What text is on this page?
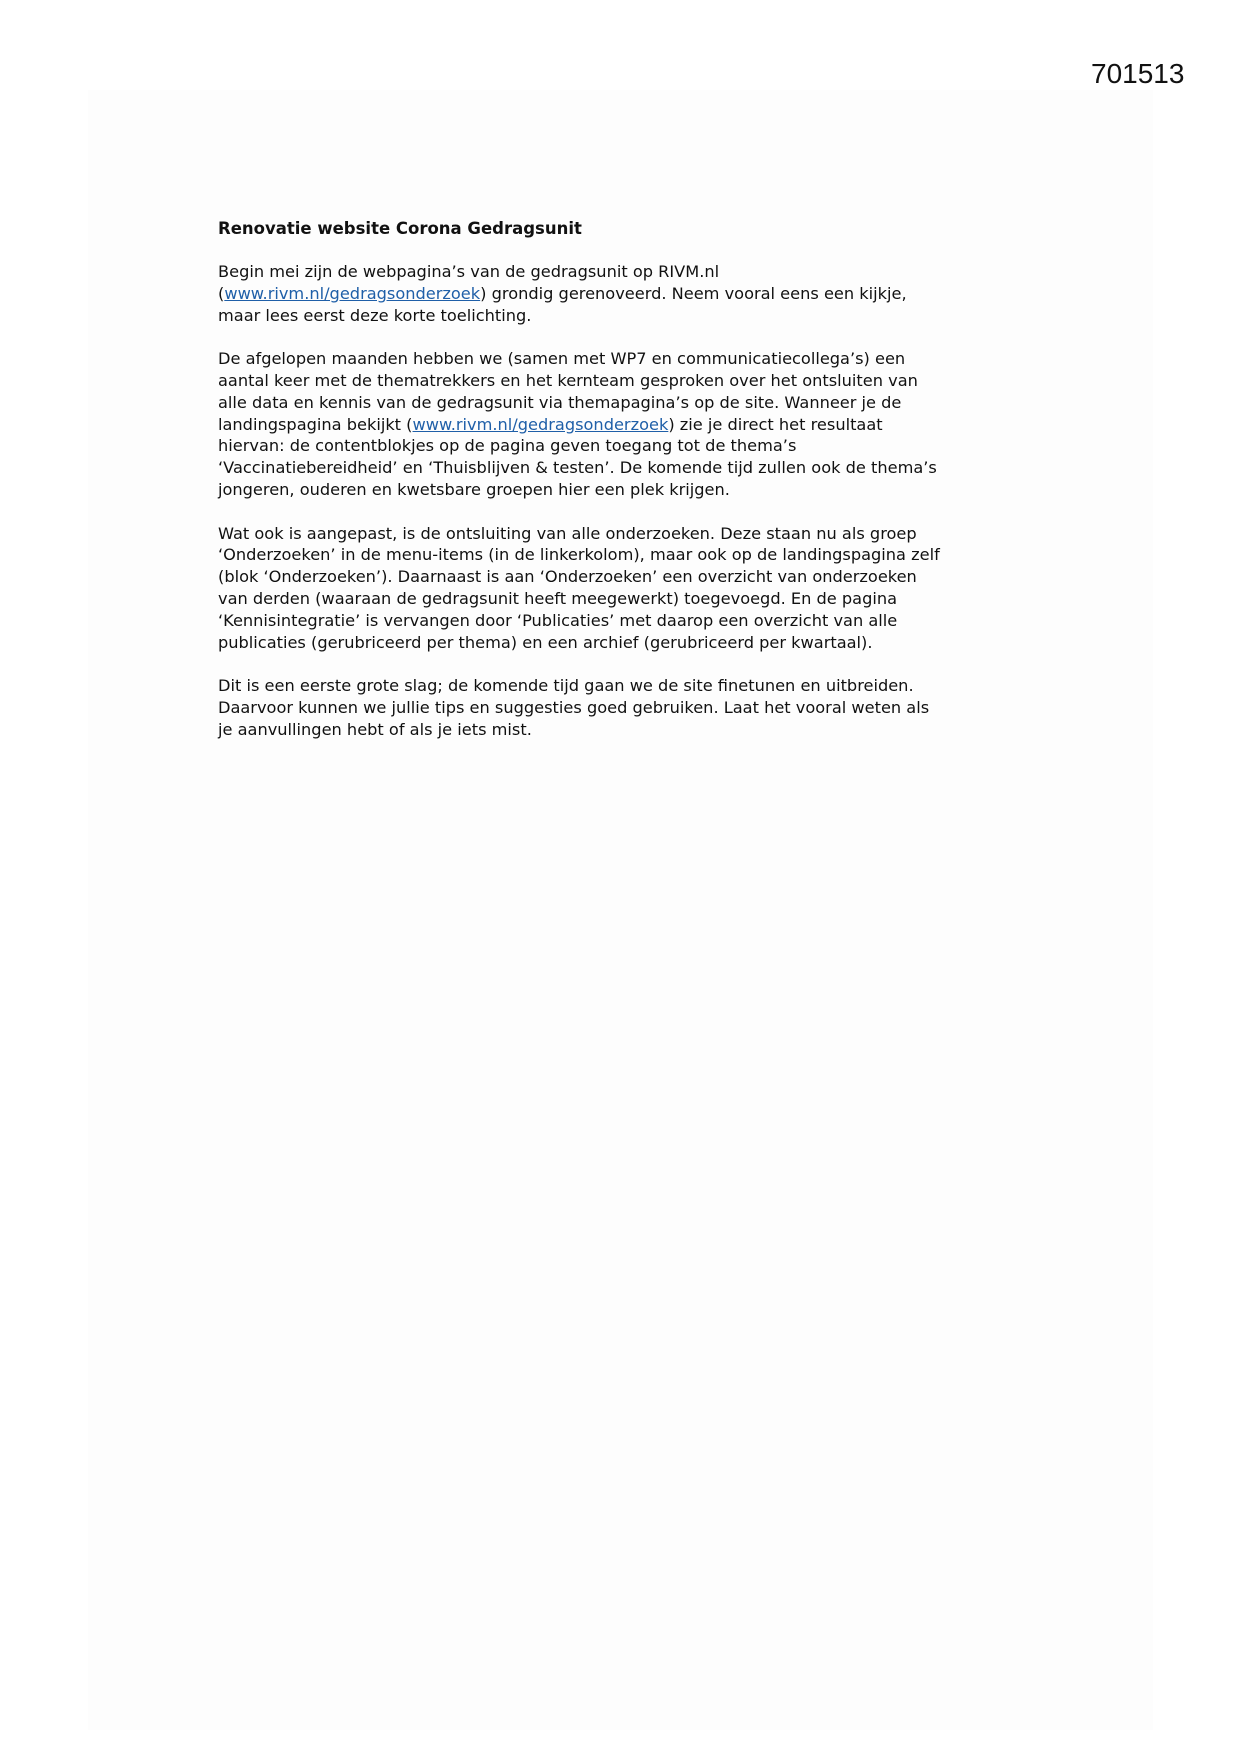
701513
Renovatie website Corona Gedragsunit
Begin mei zijn de webpagina’s van de gedragsunit op RIVM.nl
(www.rivm.nl/gedragsonderzoek) grondig gerenoveerd. Neem vooral eens een kijkje,
maar lees eerst deze korte toelichting.
De afgelopen maanden hebben we (samen met WP7 en communicatiecollega’s) een
aantal keer met de thematrekkers en het kernteam gesproken over het ontsluiten van
alle data en kennis van de gedragsunit via themapagina’s op de site. Wanneer je de
landingspagina bekijkt (www.rivm.nl/gedragsonderzoek) zie je direct het resultaat
hiervan: de contentblokjes op de pagina geven toegang tot de thema’s
‘Vaccinatiebereidheid’ en ‘Thuisblijven & testen’. De komende tijd zullen ook de thema’s
jongeren, ouderen en kwetsbare groepen hier een plek krijgen.
Wat ook is aangepast, is de ontsluiting van alle onderzoeken. Deze staan nu als groep
‘Onderzoeken’ in de menu-items (in de linkerkolom), maar ook op de landingspagina zelf
(blok ‘Onderzoeken’). Daarnaast is aan ‘Onderzoeken’ een overzicht van onderzoeken
van derden (waaraan de gedragsunit heeft meegewerkt) toegevoegd. En de pagina
‘Kennisintegratie’ is vervangen door ‘Publicaties’ met daarop een overzicht van alle
publicaties (gerubriceerd per thema) en een archief (gerubriceerd per kwartaal).
Dit is een eerste grote slag; de komende tijd gaan we de site finetunen en uitbreiden.
Daarvoor kunnen we jullie tips en suggesties goed gebruiken. Laat het vooral weten als
je aanvullingen hebt of als je iets mist.
